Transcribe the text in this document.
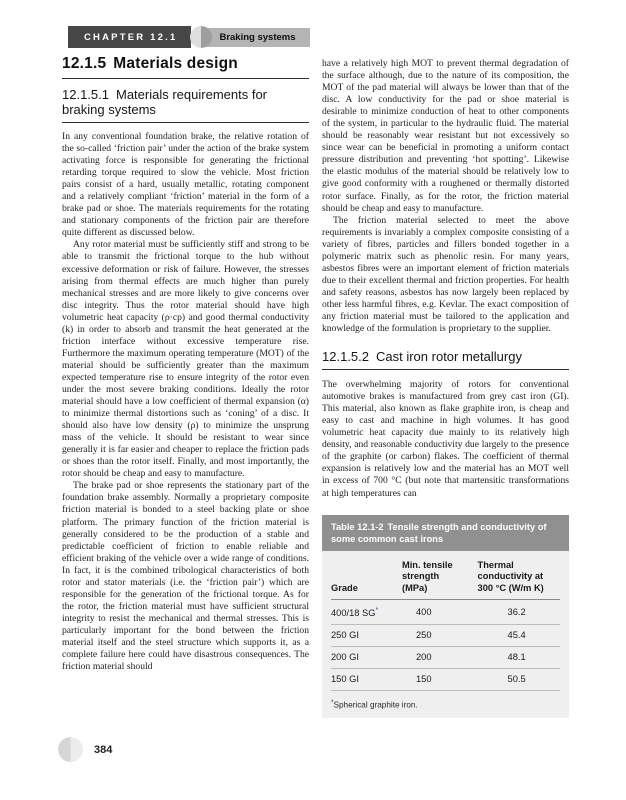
CHAPTER 12.1	Braking systems
12.1.5 Materials design
12.1.5.1 Materials requirements for braking systems

In any conventional foundation brake, the relative rotation of the so-called ‘friction pair’ under the action of the brake system activating force is responsible for generating the frictional retarding torque required to slow the vehicle. Most friction pairs consist of a hard, usually metallic, rotating component and a relatively compliant ‘friction’ material in the form of a brake pad or shoe. The materials requirements for the rotating and stationary components of the friction pair are therefore quite different as discussed below.

Any rotor material must be sufficiently stiff and strong to be able to transmit the frictional torque to the hub without excessive deformation or risk of failure. However, the stresses arising from thermal effects are much higher than purely mechanical stresses and are more likely to give concerns over disc integrity. Thus the rotor material should have high volumetric heat capacity (ρ·cp) and good thermal conductivity (k) in order to absorb and transmit the heat generated at the friction interface without excessive temperature rise. Furthermore the maximum operating temperature (MOT) of the material should be sufficiently greater than the maximum expected temperature rise to ensure integrity of the rotor even under the most severe braking conditions. Ideally the rotor material should have a low coefficient of thermal expansion (α) to minimize thermal distortions such as ‘coning’ of a disc. It should also have low density (ρ) to minimize the unsprung mass of the vehicle. It should be resistant to wear since generally it is far easier and cheaper to replace the friction pads or shoes than the rotor itself. Finally, and most importantly, the rotor should be cheap and easy to manufacture.

The brake pad or shoe represents the stationary part of the foundation brake assembly. Normally a proprietary composite friction material is bonded to a steel backing plate or shoe platform. The primary function of the friction material is generally considered to be the production of a stable and predictable coefficient of friction to enable reliable and efficient braking of the vehicle over a wide range of conditions. In fact, it is the combined tribological characteristics of both rotor and stator materials (i.e. the ‘friction pair’) which are responsible for the generation of the frictional torque. As for the rotor, the friction material must have sufficient structural integrity to resist the mechanical and thermal stresses. This is particularly important for the bond between the friction material itself and the steel structure which supports it, as a complete failure here could have disastrous consequences. The friction material should

have a relatively high MOT to prevent thermal degradation of the surface although, due to the nature of its composition, the MOT of the pad material will always be lower than that of the disc. A low conductivity for the pad or shoe material is desirable to minimize conduction of heat to other components of the system, in particular to the hydraulic fluid. The material should be reasonably wear resistant but not excessively so since wear can be beneficial in promoting a uniform contact pressure distribution and preventing ‘hot spotting’. Likewise the elastic modulus of the material should be relatively low to give good conformity with a roughened or thermally distorted rotor surface. Finally, as for the rotor, the friction material should be cheap and easy to manufacture.

The friction material selected to meet the above requirements is invariably a complex composite consisting of a variety of fibres, particles and fillers bonded together in a polymeric matrix such as phenolic resin. For many years, asbestos fibres were an important element of friction materials due to their excellent thermal and friction properties. For health and safety reasons, asbestos has now largely been replaced by other less harmful fibres, e.g. Kevlar. The exact composition of any friction material must be tailored to the application and knowledge of the formulation is proprietary to the supplier.

12.1.5.2 Cast iron rotor metallurgy

The overwhelming majority of rotors for conventional automotive brakes is manufactured from grey cast iron (GI). This material, also known as flake graphite iron, is cheap and easy to cast and machine in high volumes. It has good volumetric heat capacity due mainly to its relatively high density, and reasonable conductivity due largely to the presence of the graphite (or carbon) flakes. The coefficient of thermal expansion is relatively low and the material has an MOT well in excess of 700 °C (but note that martensitic transformations at high temperatures can

Table 12.1-2 Tensile strength and conductivity of some common cast irons
Grade	Min. tensile strength (MPa)	Thermal conductivity at 300 °C (W/m K)
400/18 SG*	400	36.2
250 GI	250	45.4
200 GI	200	48.1
150 GI	150	50.5
*Spherical graphite iron.
384
